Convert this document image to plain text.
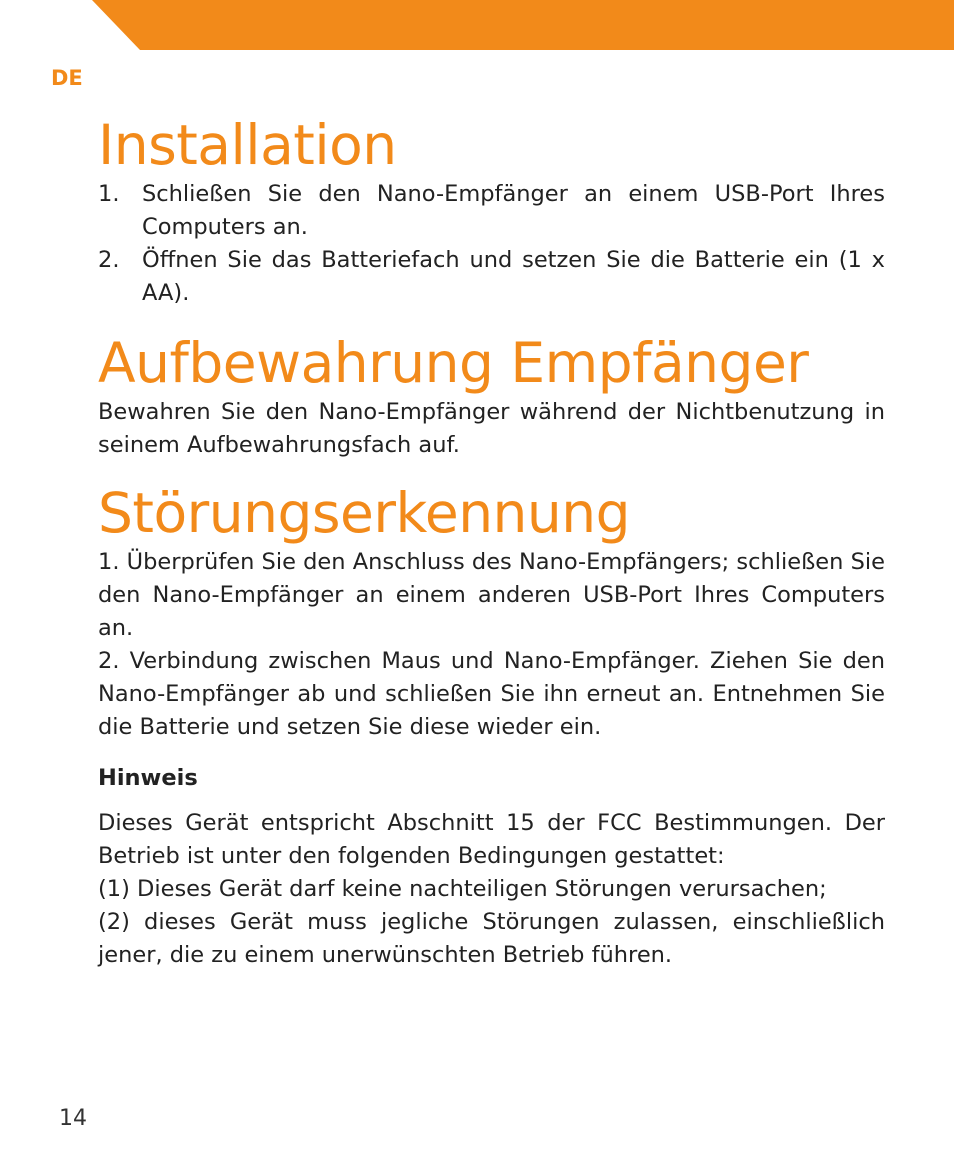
DE
Installation
1. Schließen Sie den Nano-Empfänger an einem USB-Port Ihres Computers an.
2. Öffnen Sie das Batteriefach und setzen Sie die Batterie ein (1 x AA).
Aufbewahrung Empfänger

Bewahren Sie den Nano-Empfänger während der Nichtbenutzung in seinem Aufbewahrungsfach auf.

Störungserkennung

1. Überprüfen Sie den Anschluss des Nano-Empfängers; schließen Sie den Nano-Empfänger an einem anderen USB-Port Ihres Computers an.

2. Verbindung zwischen Maus und Nano-Empfänger. Ziehen Sie den Nano-Empfänger ab und schließen Sie ihn erneut an. Entnehmen Sie die Batterie und setzen Sie diese wieder ein.

Hinweis

Dieses Gerät entspricht Abschnitt 15 der FCC Bestimmungen. Der Betrieb ist unter den folgenden Bedingungen gestattet:

(1) Dieses Gerät darf keine nachteiligen Störungen verursachen;

(2) dieses Gerät muss jegliche Störungen zulassen, einschließlich jener, die zu einem unerwünschten Betrieb führen.

14
